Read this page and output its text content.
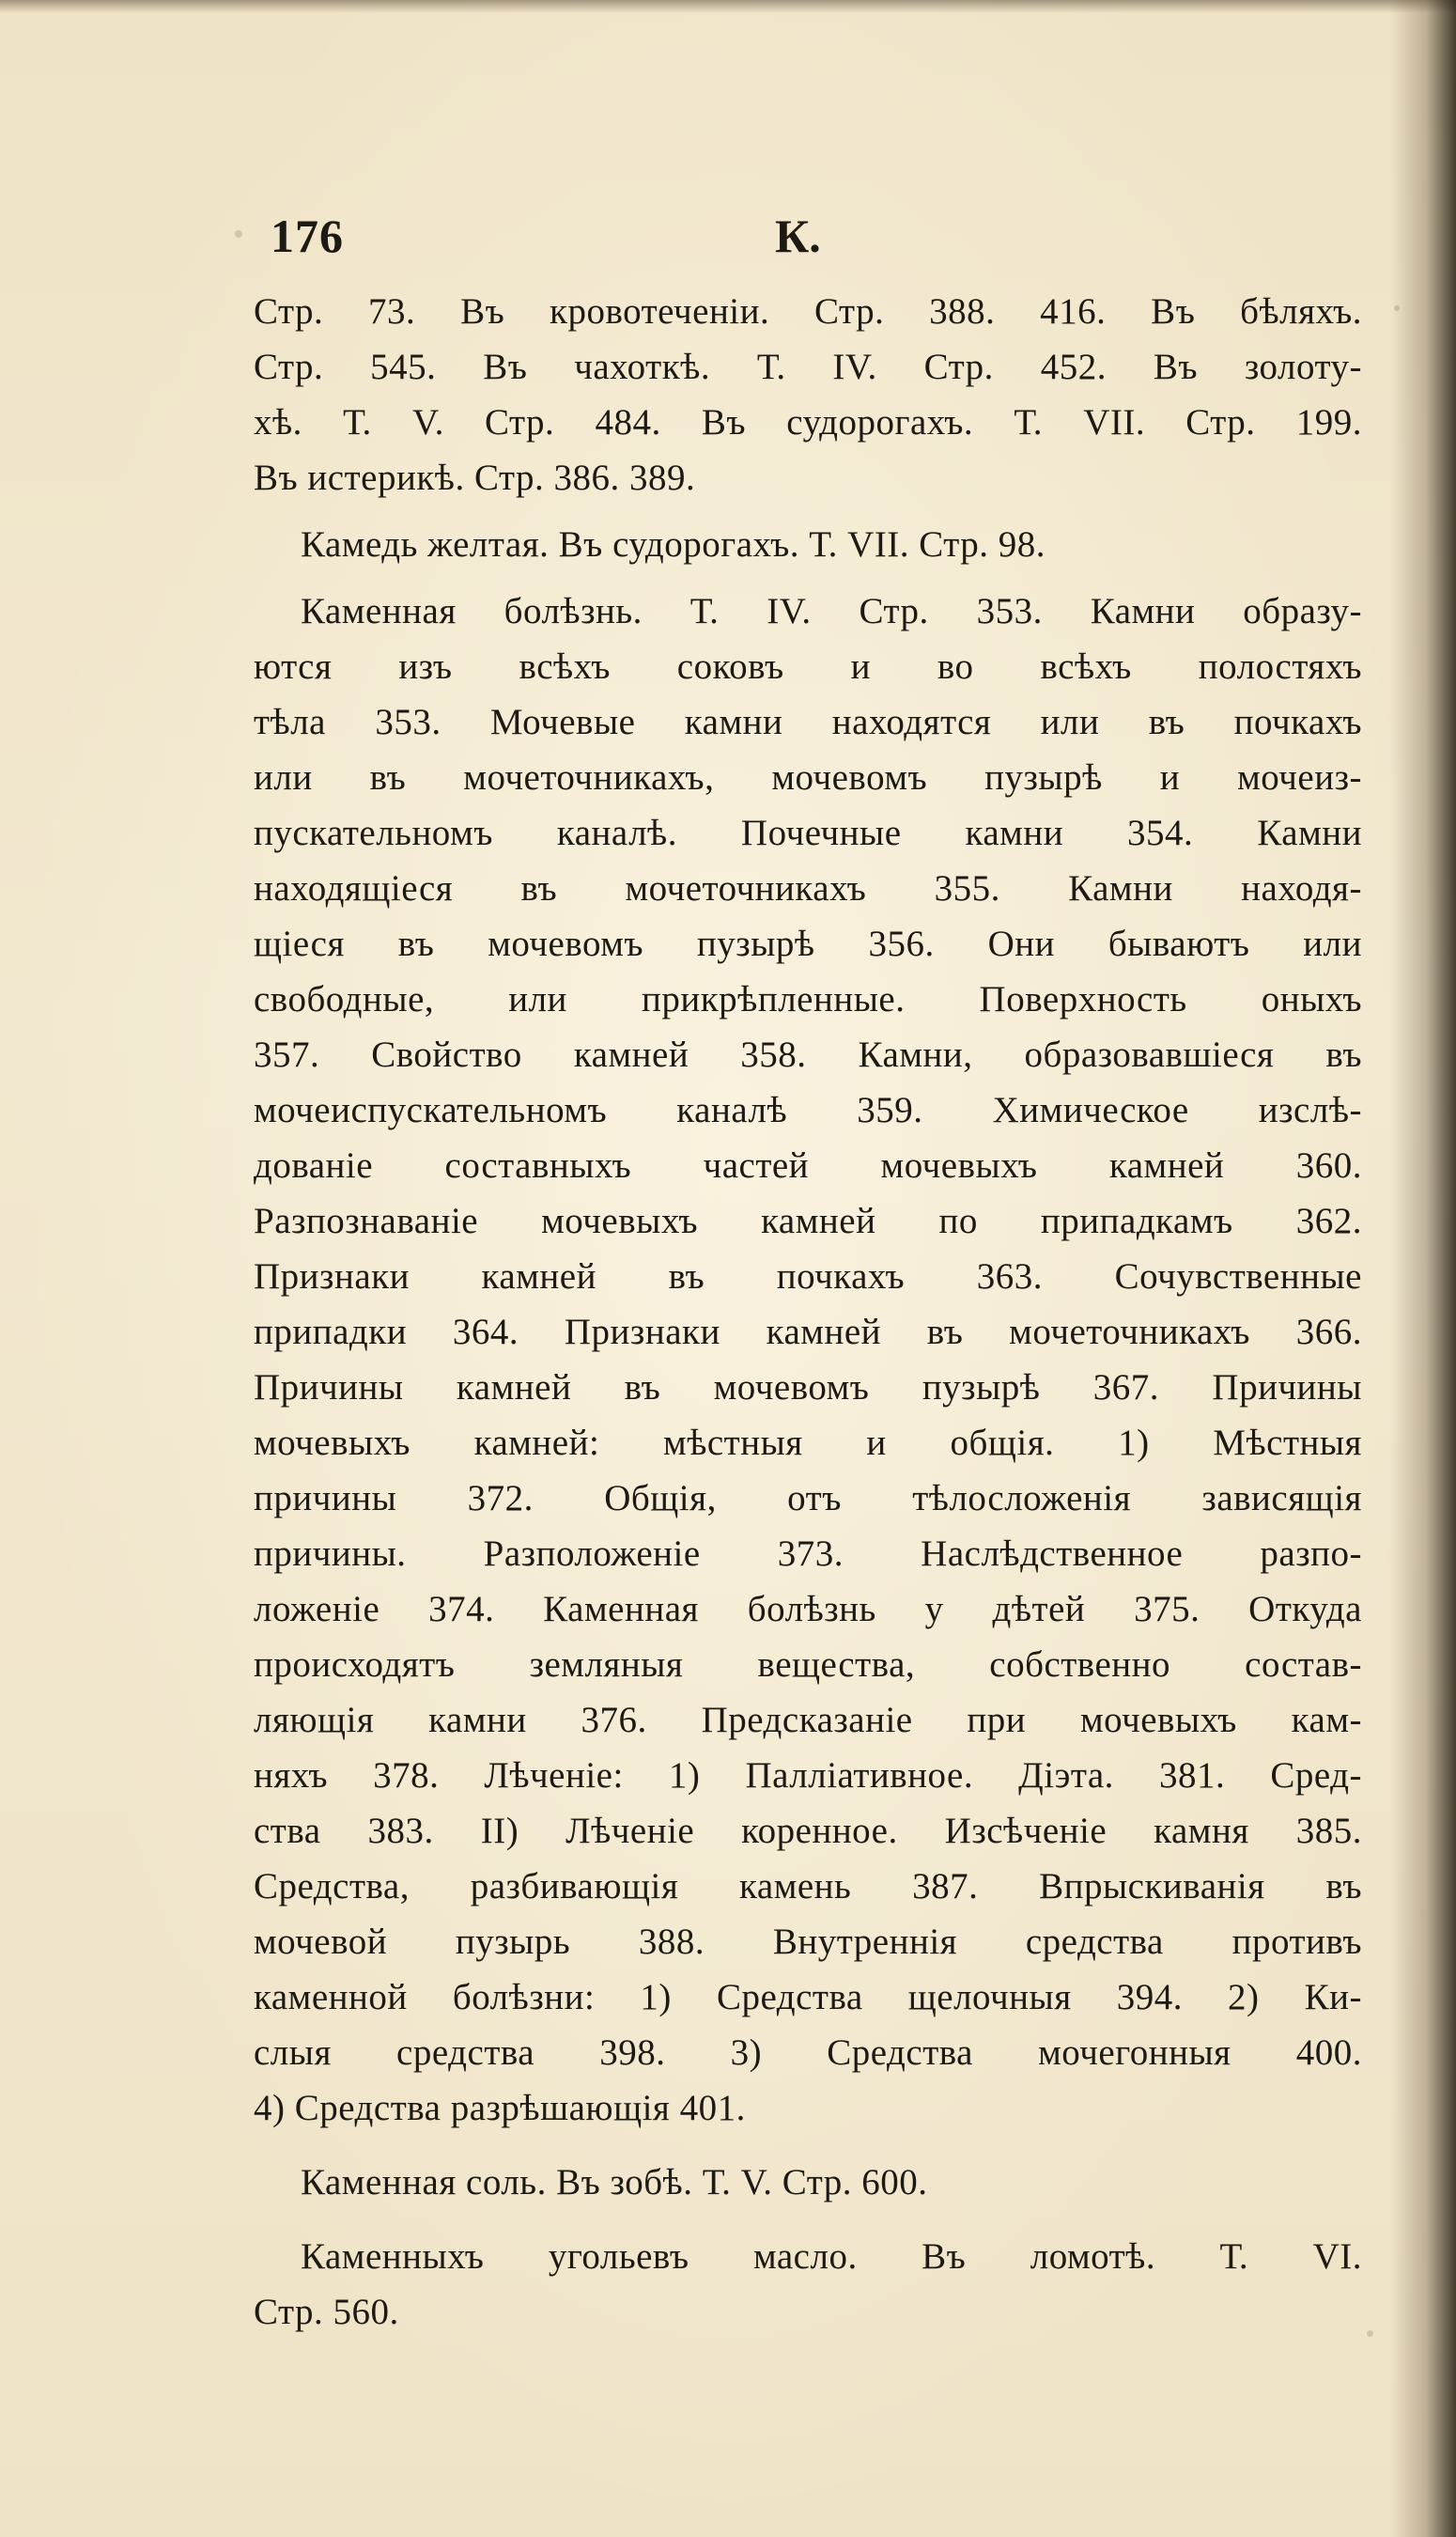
176	К.
Стр. 73. Въ кровотеченіи. Стр. 388. 416. Въ бѣляхъ.
Стр. 545. Въ чахоткѣ. Т. IV. Стр. 452. Въ золоту-
хѣ. Т. V. Стр. 484. Въ судорогахъ. Т. VII. Стр. 199.
Въ истерикѣ. Стр. 386. 389.
Камедь желтая. Въ судорогахъ. Т. VII. Стр. 98.
Каменная болѣзнь. Т. IV. Стр. 353. Камни образу-
ются изъ всѣхъ соковъ и во всѣхъ полостяхъ
тѣла 353. Мочевые камни находятся или въ почкахъ
или въ мочеточникахъ, мочевомъ пузырѣ и мочеиз-
пускательномъ каналѣ. Почечные камни 354. Камни
находящіеся въ мочеточникахъ 355. Камни находя-
щіеся въ мочевомъ пузырѣ 356. Они бываютъ или
свободные, или прикрѣпленные. Поверхность оныхъ
357. Свойство камней 358. Камни, образовавшіеся въ
мочеиспускательномъ каналѣ 359. Химическое изслѣ-
дованіе составныхъ частей мочевыхъ камней 360.
Разпознаваніе мочевыхъ камней по припадкамъ 362.
Признаки камней въ почкахъ 363. Сочувственные
припадки 364. Признаки камней въ мочеточникахъ 366.
Причины камней въ мочевомъ пузырѣ 367. Причины
мочевыхъ камней: мѣстныя и общія. 1) Мѣстныя
причины 372. Общія, отъ тѣлосложенія зависящія
причины. Разположеніе 373. Наслѣдственное разпо-
ложеніе 374. Каменная болѣзнь у дѣтей 375. Откуда
происходятъ земляныя вещества, собственно состав-
ляющія камни 376. Предсказаніе при мочевыхъ кам-
няхъ 378. Лѣченіе: 1) Палліативное. Діэта. 381. Сред-
ства 383. II) Лѣченіе коренное. Изсѣченіе камня 385.
Средства, разбивающія камень 387. Впрыскиванія въ
мочевой пузырь 388. Внутреннія средства противъ
каменной болѣзни: 1) Средства щелочныя 394. 2) Ки-
слыя средства 398. 3) Средства мочегонныя 400.
4) Средства разрѣшающія 401.
Каменная соль. Въ зобѣ. Т. V. Стр. 600.
Каменныхъ угольевъ масло. Въ ломотѣ. Т. VI.
Стр. 560.
